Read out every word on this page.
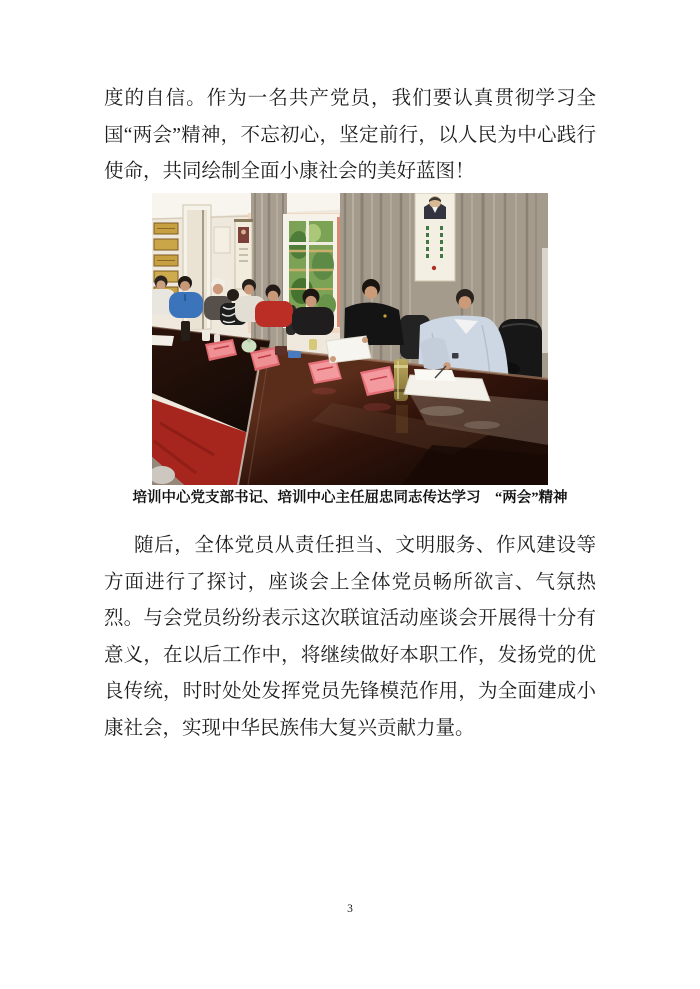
度的自信。作为一名共产党员，我们要认真贯彻学习全国“两会”精神，不忘初心，坚定前行，以人民为中心践行使命，共同绘制全面小康社会的美好蓝图！

培训中心党支部书记、培训中心主任屈忠同志传达学习　“两会”精神

随后，全体党员从责任担当、文明服务、作风建设等方面进行了探讨，座谈会上全体党员畅所欲言、气氛热烈。与会党员纷纷表示这次联谊活动座谈会开展得十分有意义，在以后工作中，将继续做好本职工作，发扬党的优良传统，时时处处发挥党员先锋模范作用，为全面建成小康社会，实现中华民族伟大复兴贡献力量。

3
